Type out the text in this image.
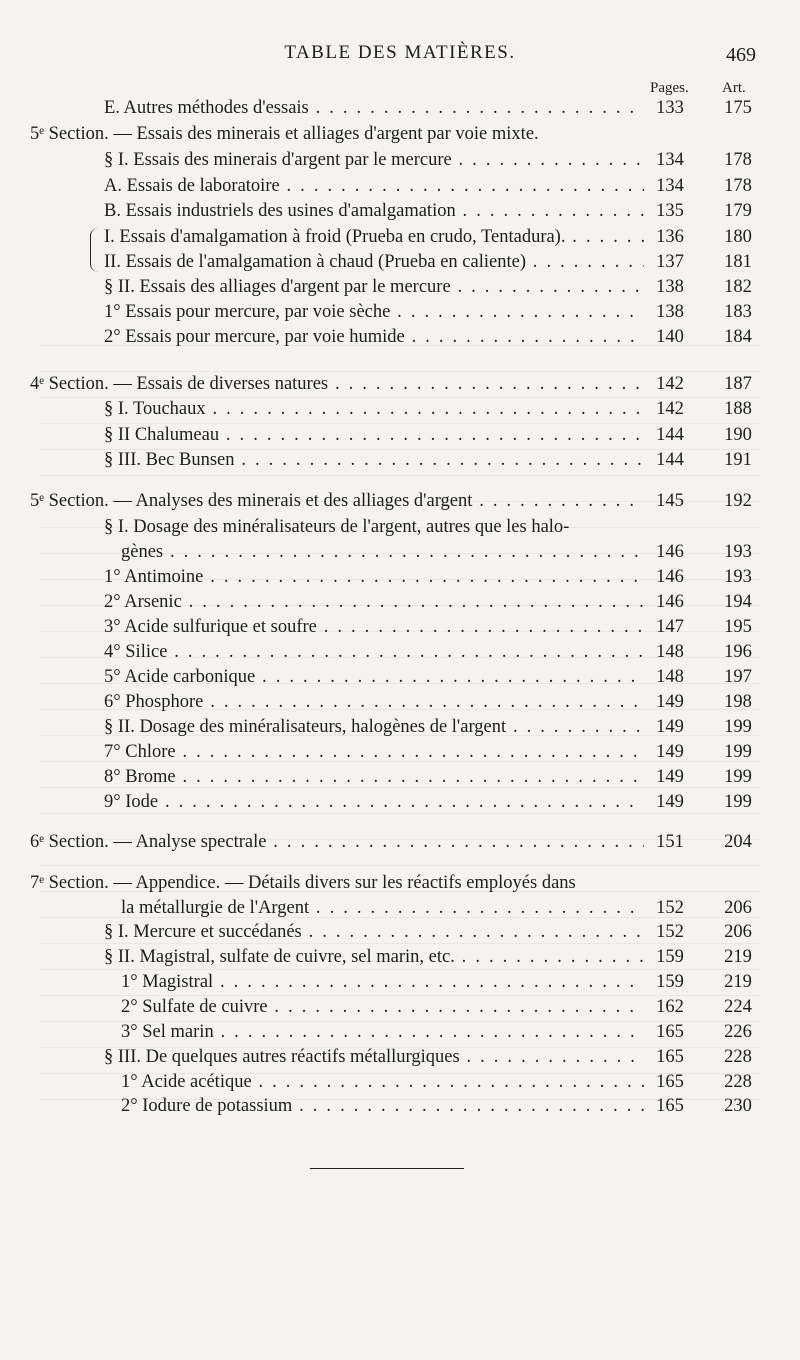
TABLE DES MATIÈRES.	469
Pages. Art.
E. Autres méthodes d'essais . . .	133	175
5ᵉ Section. — Essais des minerais et alliages d'argent par voie mixte.
§ I. Essais des minerais d'argent par le mercure . . .	134	178
A. Essais de laboratoire . . .	134	178
B. Essais industriels des usines d'amalgamation . . .	135	179
I. Essais d'amalgamation à froid (Prueba en crudo, Tentadura). . . .	136	180
II. Essais de l'amalgamation à chaud (Prueba en caliente) . . .	137	181
§ II. Essais des alliages d'argent par le mercure . . .	138	182
1° Essais pour mercure, par voie sèche . . .	138	183
2° Essais pour mercure, par voie humide . . .	140	184
4ᵉ Section. — Essais de diverses natures . . .	142	187
§ I. Touchaux . . .	142	188
§ II Chalumeau . . .	144	190
§ III. Bec Bunsen . . .	144	191
5ᵉ Section. — Analyses des minerais et des alliages d'argent . . .	145	192
§ I. Dosage des minéralisateurs de l'argent, autres que les halo-
gènes . . .	146	193
1° Antimoine . . .	146	193
2° Arsenic . . .	146	194
3° Acide sulfurique et soufre . . .	147	195
4° Silice . . .	148	196
5° Acide carbonique . . .	148	197
6° Phosphore . . .	149	198
§ II. Dosage des minéralisateurs, halogènes de l'argent . . .	149	199
7° Chlore . . .	149	199
8° Brome . . .	149	199
9° Iode . . .	149	199
6ᵉ Section. — Analyse spectrale . . .	151	204
7ᵉ Section. — Appendice. — Détails divers sur les réactifs employés dans
la métallurgie de l'Argent . . .	152	206
§ I. Mercure et succédanés . . .	152	206
§ II. Magistral, sulfate de cuivre, sel marin, etc. . . .	159	219
1° Magistral . . .	159	219
2° Sulfate de cuivre . . .	162	224
3° Sel marin . . .	165	226
§ III. De quelques autres réactifs métallurgiques . . .	165	228
1° Acide acétique . . .	165	228
2° Iodure de potassium . . .	165	230
